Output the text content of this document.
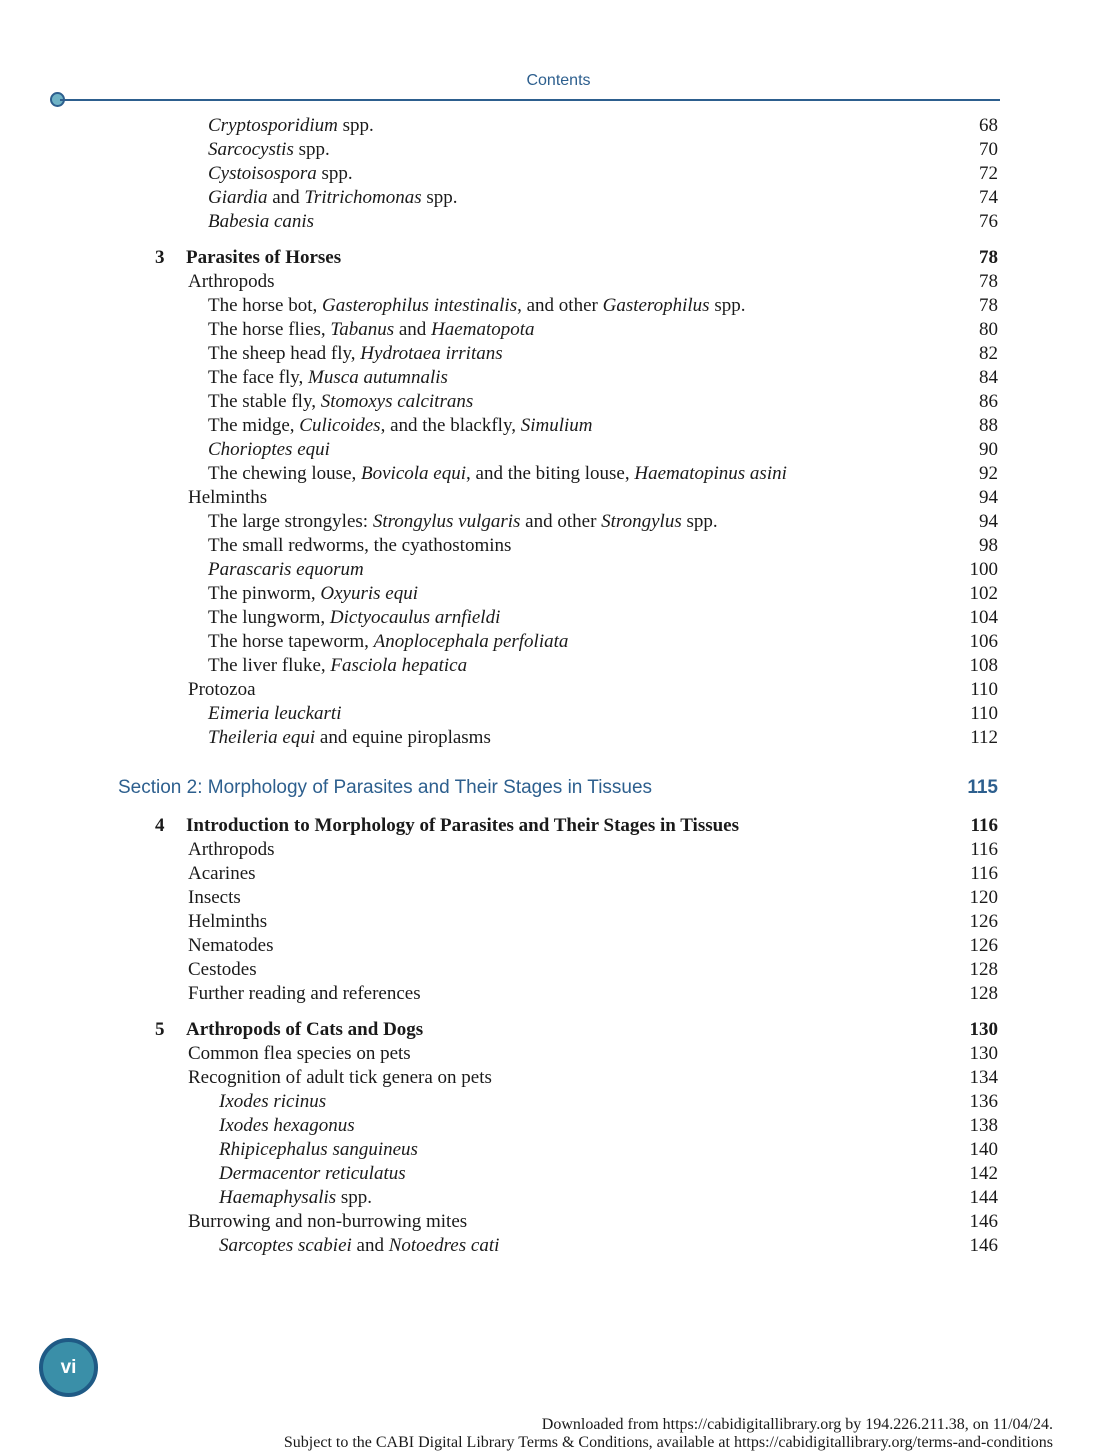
Contents
Cryptosporidium spp.	68
Sarcocystis spp.	70
Cystoisospora spp.	72
Giardia and Tritrichomonas spp.	74
Babesia canis	76
3 Parasites of Horses	78
Arthropods	78
The horse bot, Gasterophilus intestinalis, and other Gasterophilus spp.	78
The horse flies, Tabanus and Haematopota	80
The sheep head fly, Hydrotaea irritans	82
The face fly, Musca autumnalis	84
The stable fly, Stomoxys calcitrans	86
The midge, Culicoides, and the blackfly, Simulium	88
Chorioptes equi	90
The chewing louse, Bovicola equi, and the biting louse, Haematopinus asini	92
Helminths	94
The large strongyles: Strongylus vulgaris and other Strongylus spp.	94
The small redworms, the cyathostomins	98
Parascaris equorum	100
The pinworm, Oxyuris equi	102
The lungworm, Dictyocaulus arnfieldi	104
The horse tapeworm, Anoplocephala perfoliata	106
The liver fluke, Fasciola hepatica	108
Protozoa	110
Eimeria leuckarti	110
Theileria equi and equine piroplasms	112
Section 2: Morphology of Parasites and Their Stages in Tissues	115
4 Introduction to Morphology of Parasites and Their Stages in Tissues	116
Arthropods	116
Acarines	116
Insects	120
Helminths	126
Nematodes	126
Cestodes	128
Further reading and references	128
5 Arthropods of Cats and Dogs	130
Common flea species on pets	130
Recognition of adult tick genera on pets	134
Ixodes ricinus	136
Ixodes hexagonus	138
Rhipicephalus sanguineus	140
Dermacentor reticulatus	142
Haemaphysalis spp.	144
Burrowing and non-burrowing mites	146
Sarcoptes scabiei and Notoedres cati	146
vi
Downloaded from https://cabidigitallibrary.org by 194.226.211.38, on 11/04/24.
Subject to the CABI Digital Library Terms & Conditions, available at https://cabidigitallibrary.org/terms-and-conditions
